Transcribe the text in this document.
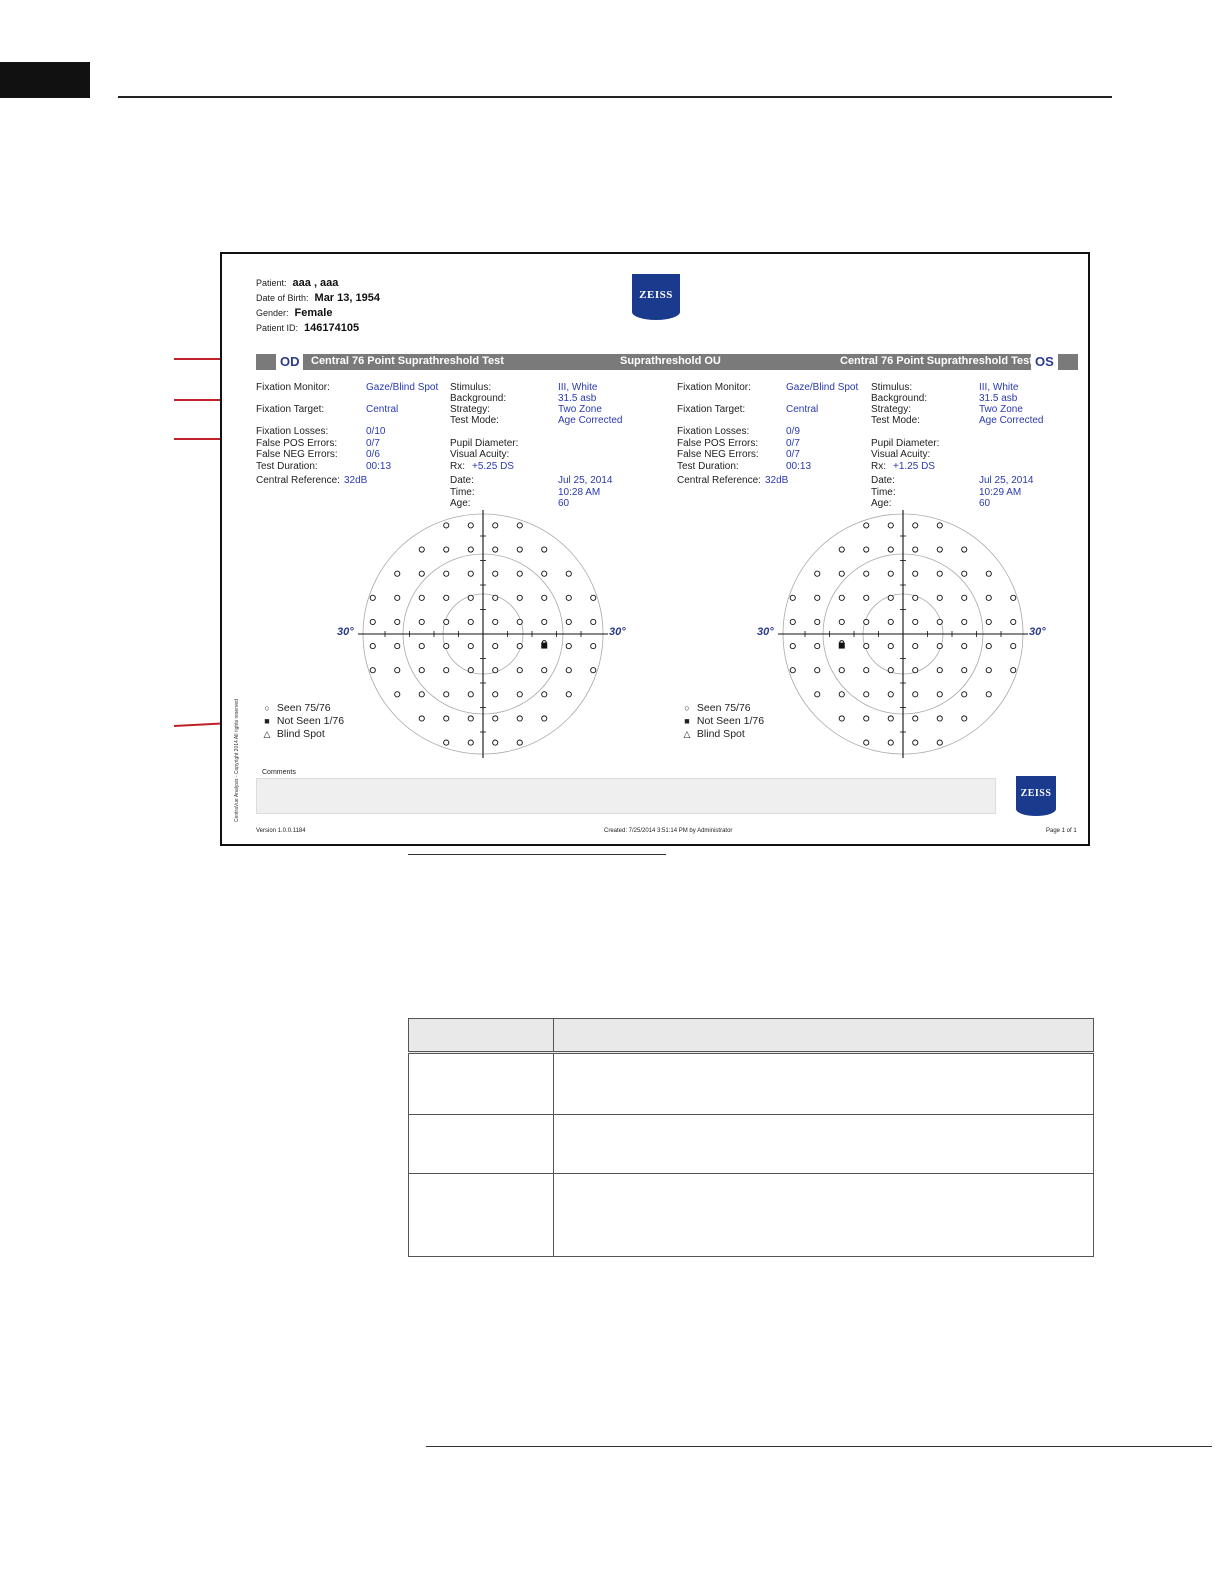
Patient: aaa , aaa
Date of Birth: Mar 13, 1954
Gender: Female
Patient ID: 146174105
ZEISS
OD Central 76 Point Suprathreshold Test	Suprathreshold OU	Central 76 Point Suprathreshold Test OS
Fixation Monitor:	Gaze/Blind Spot
Fixation Target:	Central
Fixation Losses:	0/10
False POS Errors:	0/7
False NEG Errors:	0/6
Test Duration:	00:13
Central Reference: 32dB
Stimulus:	III, White
Background:	31.5 asb
Strategy:	Two Zone
Test Mode:	Age Corrected
Pupil Diameter:
Visual Acuity:
Rx: +5.25 DS
Date:	Jul 25, 2014
Time:	10:28 AM
Age:	60
Fixation Monitor:	Gaze/Blind Spot
Fixation Target:	Central
Fixation Losses:	0/9
False POS Errors:	0/7
False NEG Errors:	0/7
Test Duration:	00:13
Central Reference: 32dB
Stimulus:	III, White
Background:	31.5 asb
Strategy:	Two Zone
Test Mode:	Age Corrected
Pupil Diameter:
Visual Acuity:
Rx: +1.25 DS
Date:	Jul 25, 2014
Time:	10:29 AM
Age:	60
30°	30°	30°	30°
○ Seen 75/76
■ Not Seen 1/76
△ Blind Spot
○ Seen 75/76
■ Not Seen 1/76
△ Blind Spot
CentraVue Analysis - Copyright 2014 All rights reserved	Comments
ZEISS
Version 1.0.0.1184	Created: 7/25/2014 3:51:14 PM by Administrator	Page 1 of 1
